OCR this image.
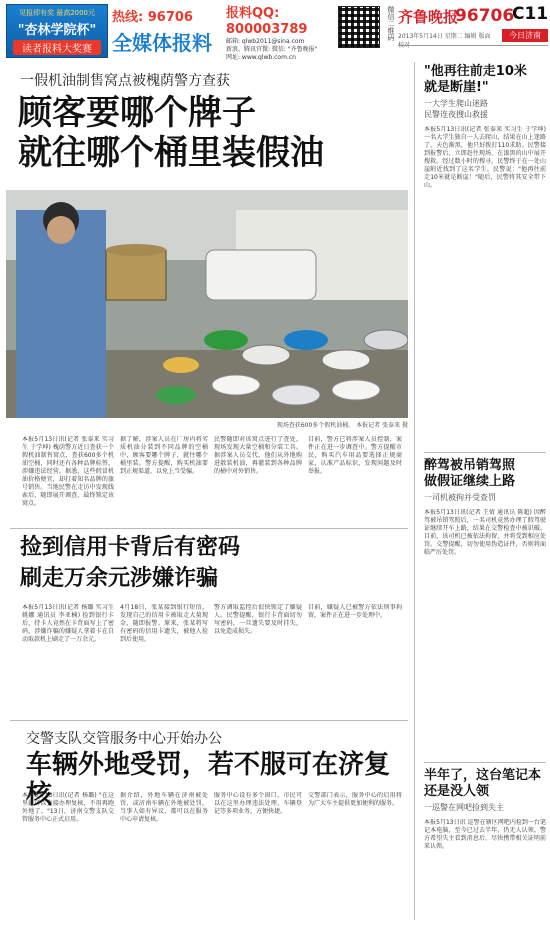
见报即有奖 最高2000元
"杏林学院杯"
读者报料大奖赛
热线: 96706
全媒体报料
报料QQ: 800003789
邮箱: qlwb2011@sina.com
新浪、腾讯官微: 微信: "齐鲁晚报"
网址: www.qlwb.com.cn
微信二维码 齐鲁晚报
96706
C11
今日济南
2013年5月14日 星期二 编辑 版面
一假机油制售窝点被槐荫警方查获
顾客要哪个牌子
就往哪个桶里装假油
现场查获600多个假机油桶。 本报记者 张泰来 摄
本报5月13日讯(记者 张泰来 实习生 于学坤) 槐荫警方近日查获一个假机油制售窝点，查获600多个机油空桶，同时还有各种品牌标签，涉嫌违法经营。据悉，这些假冒机油价格便宜，却打着知名品牌的旗号销售。当地民警在走访中发现线索后，随即展开调查，最终锁定该窝点。
据了解，涉案人员在厂房内将劣质机油分装到不同品牌的空桶中，顾客要哪个牌子，就往哪个桶里装。警方提醒，购买机油要到正规渠道，以免上当受骗。
民警随即对该窝点进行了查处，现场发现大量空桶和分装工具。据涉案人员交代，他们从外地购进散装机油，再灌装到各种品牌的桶中对外销售。
目前，警方已将涉案人员控制，案件正在进一步调查中。警方提醒市民，购买汽车用品要选择正规商家，认准产品标识，发现问题及时举报。
捡到信用卡背后有密码
刷走万余元涉嫌诈骗
本报5月13日讯(记者 杨璐 实习生 姚娜 通讯员 李亚楠) 捡到银行卡后，持卡人竟然在卡背面写上了密码，涉嫌诈骗的嫌疑人拿着卡在自动取款机上刷走了一万余元。
4月18日，张某接到银行短信，发现自己的信用卡被取走大量现金，随即报警。原来，张某将写有密码的信用卡遗失，被他人捡到后使用。
警方调取监控后很快锁定了嫌疑人。民警提醒，银行卡背面切勿写密码，一旦遗失要及时挂失，以免造成损失。
目前，嫌疑人已被警方依法刑事拘留，案件正在进一步处理中。
交警支队交管服务中心开始办公
车辆外地受罚，若不服可在济复核
本报5月13日讯(记者 杨璐) "在这里就可以直接办理复核，不用再跑外地了。"13日，济南交警支队交管服务中心正式启用。
据介绍，外地车辆在济南被处罚，或济南车辆在外地被处罚，当事人如有异议，都可以在服务中心申请复核。
服务中心设有多个窗口，市民可以在这里办理违法处理、车辆登记等多项业务，方便快捷。
交警部门表示，服务中心的启用将为广大车主提供更加便利的服务。
"他再往前走10米
就是断崖!"
一大学生爬山迷路
民警连夜搜山救援
本报5月13日讯(记者 张泰来 实习生 于学坤) 一名大学生独自一人去爬山，结果在山上迷路了。天色渐黑，他只好拨打110求助。民警接到报警后，立即赶往现场，在漆黑的山中展开搜救。经过数小时的搜寻，民警终于在一处山崖附近找到了这名学生。民警说："他再往前走10米就是断崖！"随后，民警将其安全带下山。
醉驾被吊销驾照
做假证继续上路
一司机被拘并受查罚
本报5月13日讯(记者 王倩 通讯员 陈超) 因醉驾被吊销驾照后，一名司机竟然办理了假驾驶证继续开车上路，结果在交警检查中被识破。目前，该司机已被依法拘留，并将受到相应处罚。交警提醒，切勿使用伪造证件，否则将面临严厉处罚。
半年了，这台笔记本
还是没人领
一巡警在网吧捡到失主
本报5月13日讯 巡警在辖区网吧内捡到一台笔记本电脑，至今已过去半年，仍无人认领。警方希望失主看到消息后，尽快携带相关证明前来认领。
